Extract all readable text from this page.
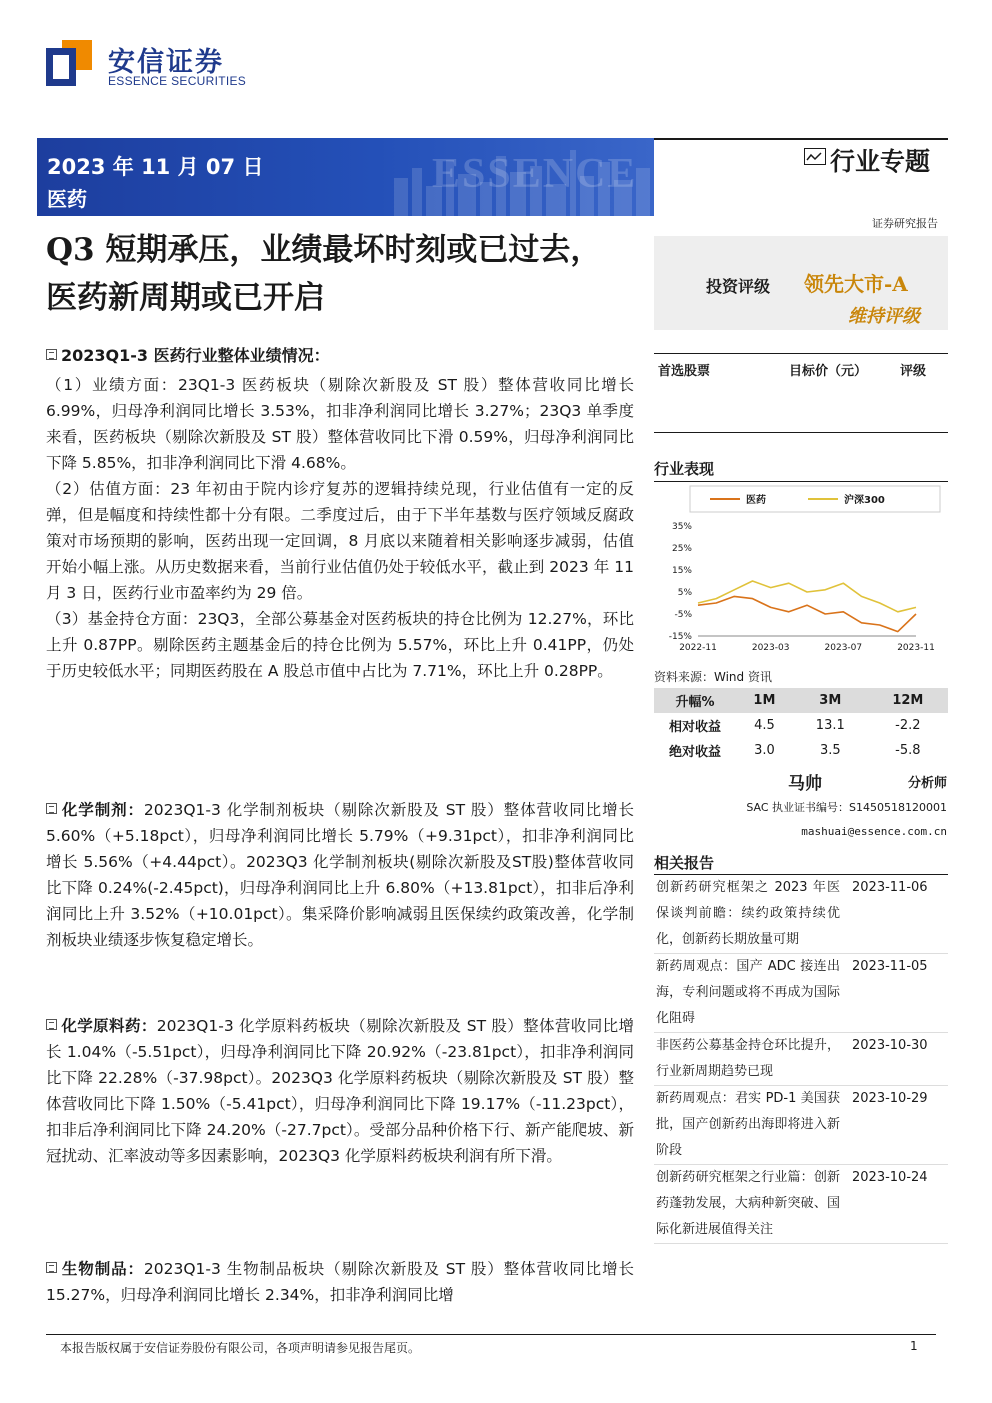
安信证券
ESSENCE SECURITIES
ESSENCE
2023 年 11 月 07 日
医药
行业专题
证券研究报告
Q3 短期承压，业绩最坏时刻或已过去，
医药新周期或已开启	投资评级 领先大市-A
维持评级
2023Q1-3 医药行业整体业绩情况：

（1）业绩方面：23Q1-3 医药板块（剔除次新股及 ST 股）整体营收同比增长 6.99%，归母净利润同比增长 3.53%，扣非净利润同比增长 3.27%；23Q3 单季度来看，医药板块（剔除次新股及 ST 股）整体营收同比下滑 0.59%，归母净利润同比下降 5.85%，扣非净利润同比下滑 4.68%。

（2）估值方面：23 年初由于院内诊疗复苏的逻辑持续兑现，行业估值有一定的反弹，但是幅度和持续性都十分有限。二季度过后，由于下半年基数与医疗领域反腐政策对市场预期的影响，医药出现一定回调，8 月底以来随着相关影响逐步减弱，估值开始小幅上涨。从历史数据来看，当前行业估值仍处于较低水平，截止到 2023 年 11 月 3 日，医药行业市盈率约为 29 倍。

（3）基金持仓方面：23Q3，全部公募基金对医药板块的持仓比例为 12.27%，环比上升 0.87PP。剔除医药主题基金后的持仓比例为 5.57%，环比上升 0.41PP，仍处于历史较低水平；同期医药股在 A 股总市值中占比为 7.71%，环比上升 0.28PP。

化学制剂：2023Q1-3 化学制剂板块（剔除次新股及 ST 股）整体营收同比增长 5.60%（+5.18pct），归母净利润同比增长 5.79%（+9.31pct），扣非净利润同比增长 5.56%（+4.44pct）。2023Q3 化学制剂板块(剔除次新股及ST股)整体营收同比下降 0.24%(-2.45pct)，归母净利润同比上升 6.80%（+13.81pct），扣非后净利润同比上升 3.52%（+10.01pct）。集采降价影响减弱且医保续约政策改善，化学制剂板块业绩逐步恢复稳定增长。
化学原料药：2023Q1-3 化学原料药板块（剔除次新股及 ST 股）整体营收同比增长 1.04%（-5.51pct），归母净利润同比下降 20.92%（-23.81pct），扣非净利润同比下降 22.28%（-37.98pct）。2023Q3 化学原料药板块（剔除次新股及 ST 股）整体营收同比下降 1.50%（-5.41pct），归母净利润同比下降 19.17%（-11.23pct），扣非后净利润同比下降 24.20%（-27.7pct）。受部分品种价格下行、新产能爬坡、新冠扰动、汇率波动等多因素影响，2023Q3 化学原料药板块利润有所下滑。
生物制品：2023Q1-3 生物制品板块（剔除次新股及 ST 股）整体营收同比增长 15.27%，归母净利润同比增长 2.34%，扣非净利润同比增
首选股票	目标价（元）	评级
行业表现
医药	沪深300
35%
25%
15%
5%
-5%
-15%
2022-11	2023-03	2023-07	2023-11
资料来源：Wind 资讯
升幅%	1M	3M	12M
相对收益	4.5	13.1	-2.2
绝对收益	3.0	3.5	-5.8
马帅	分析师
SAC 执业证书编号：S1450518120001
mashuai@essence.com.cn
相关报告
创新药研究框架之 2023 年医保谈判前瞻：续约政策持续优化，创新药长期放量可期
2023-11-06
新药周观点：国产 ADC 接连出海，专利问题或将不再成为国际化阻碍
2023-11-05
非医药公募基金持仓环比提升，行业新周期趋势已现
2023-10-30
新药周观点：君实 PD-1 美国获批，国产创新药出海即将进入新阶段
2023-10-29
创新药研究框架之行业篇：创新药蓬勃发展，大病种新突破、国际化新进展值得关注
2023-10-24
本报告版权属于安信证券股份有限公司，各项声明请参见报告尾页。	1
